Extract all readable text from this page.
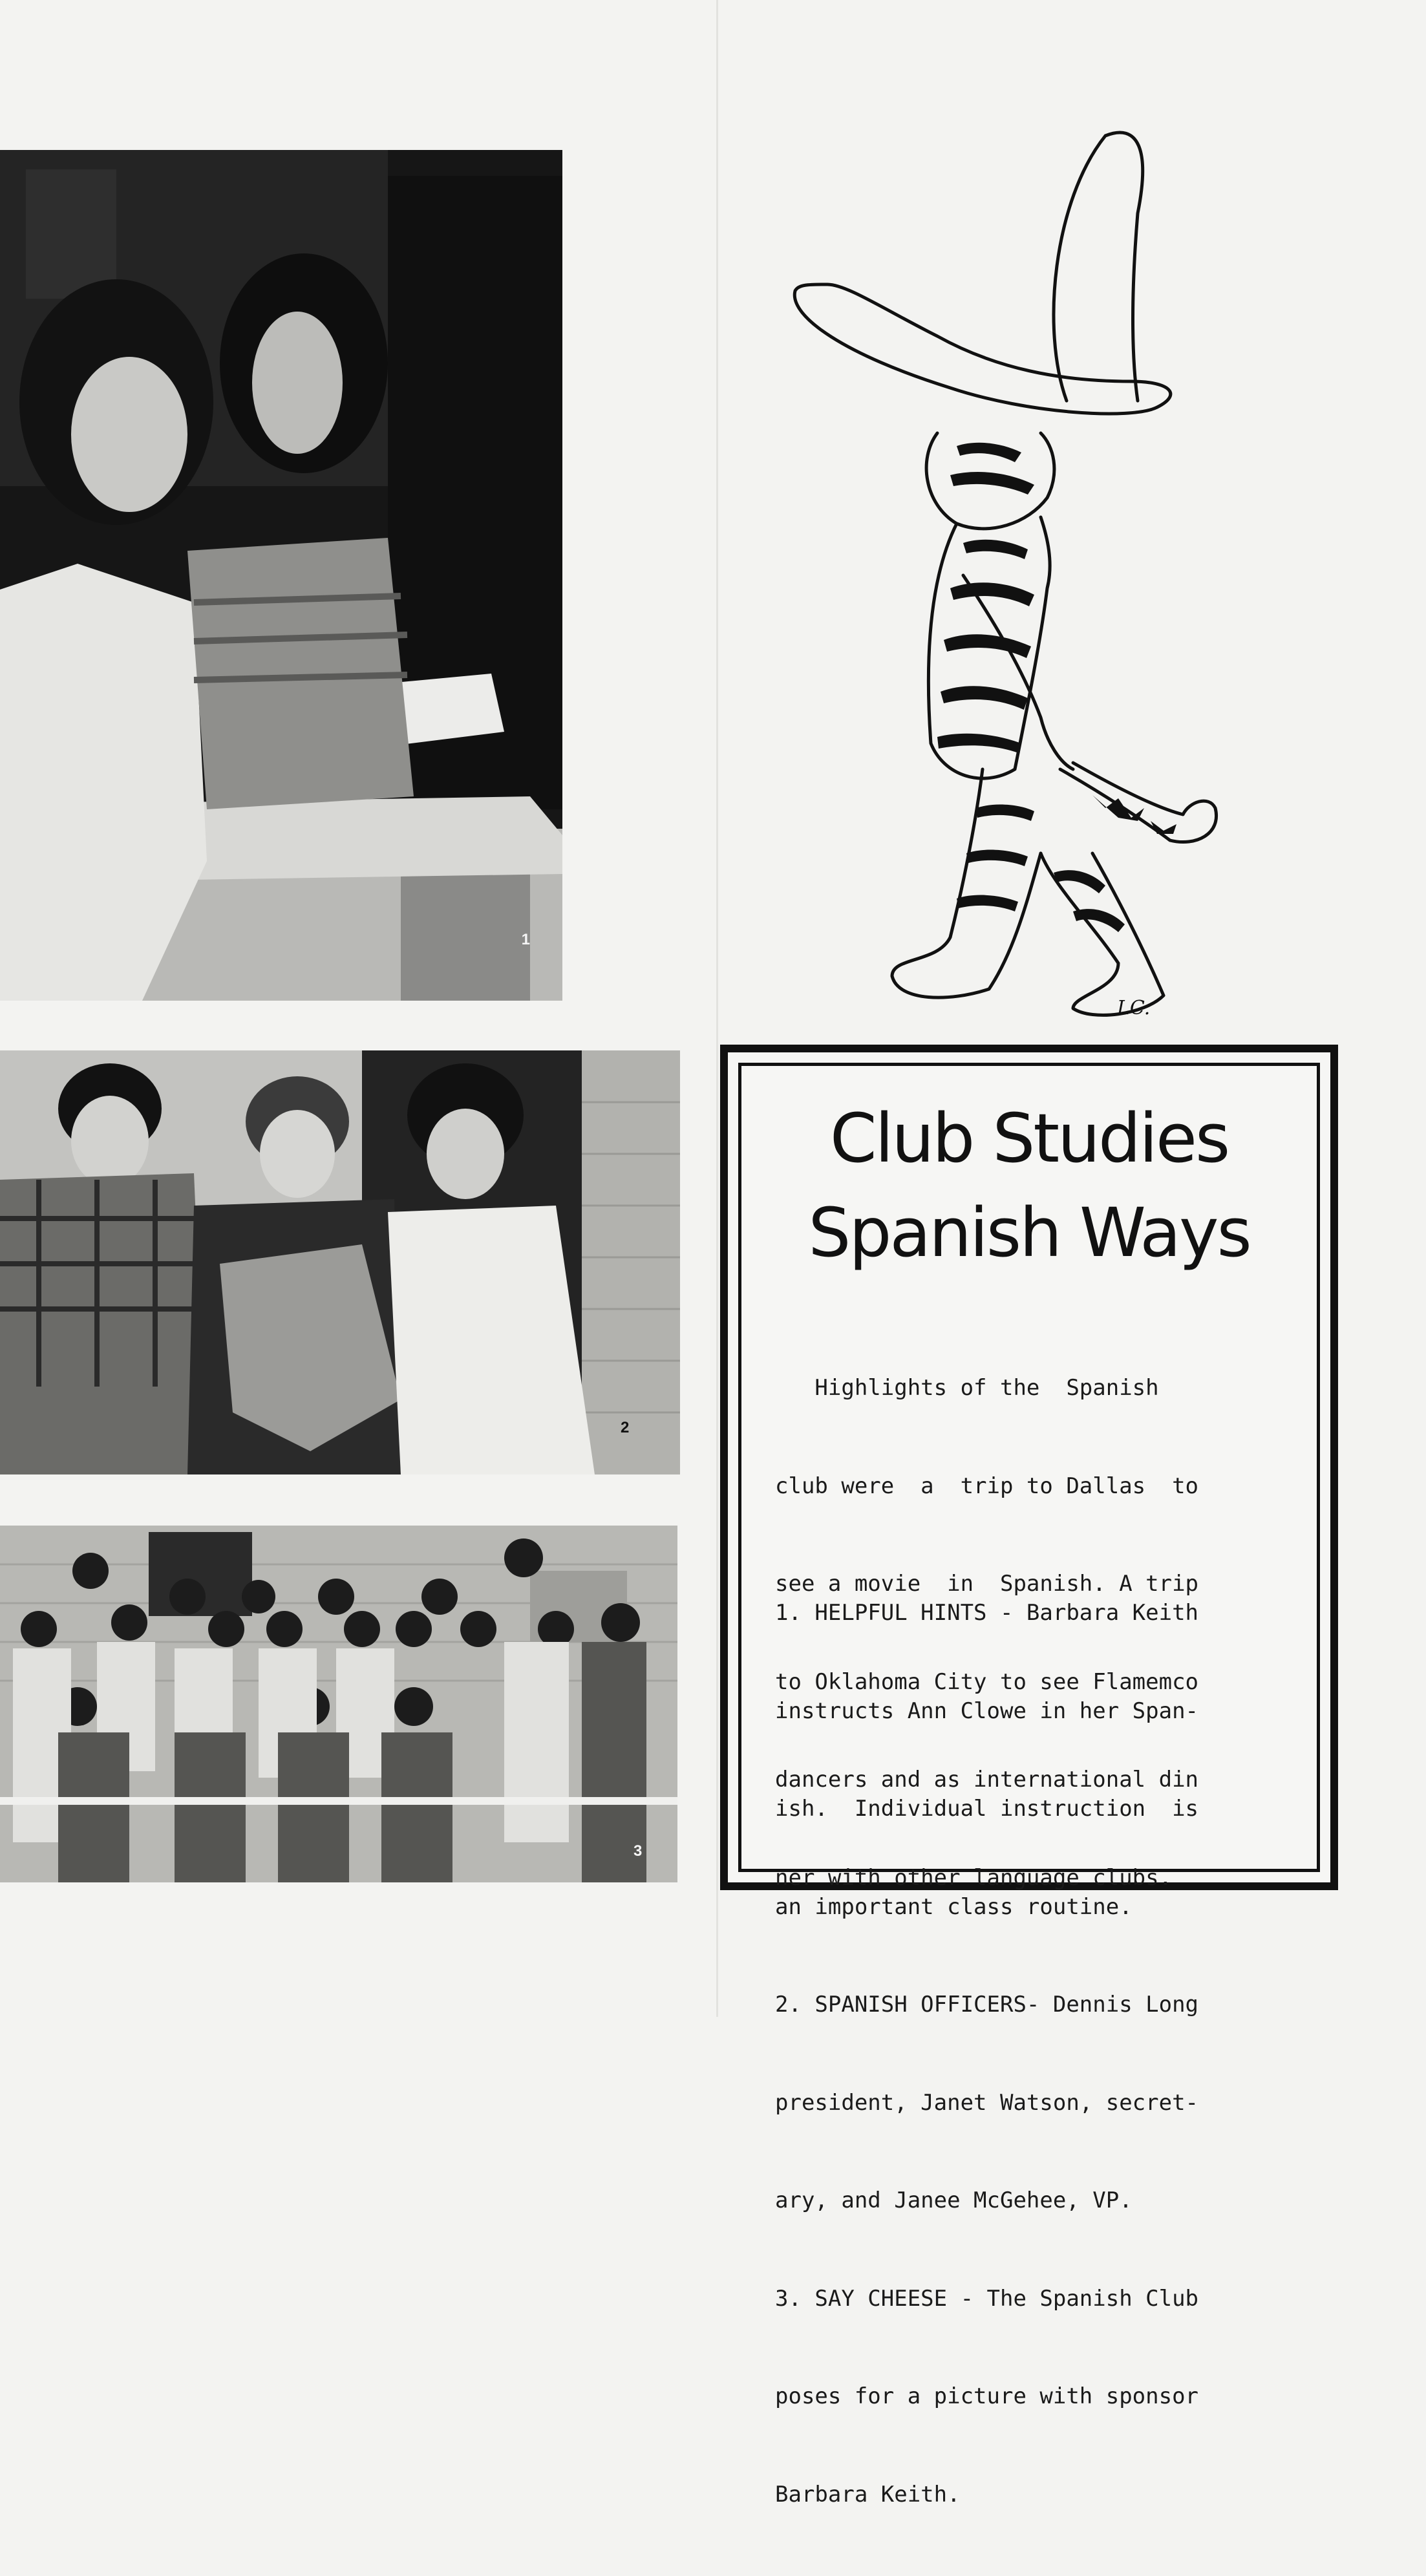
1
2
3
LC.
Club Studies
Spanish Ways

Highlights of the  Spanish

club were  a  trip to Dallas  to

see a movie  in  Spanish. A trip

to Oklahoma City to see Flamemco

dancers and as international din

ner with other language clubs.

1. HELPFUL HINTS - Barbara Keith

instructs Ann Clowe in her Span-

ish.  Individual instruction  is

an important class routine.

2. SPANISH OFFICERS- Dennis Long

president, Janet Watson, secret-

ary, and Janee McGehee, VP.

3. SAY CHEESE - The Spanish Club

poses for a picture with sponsor

Barbara Keith.
